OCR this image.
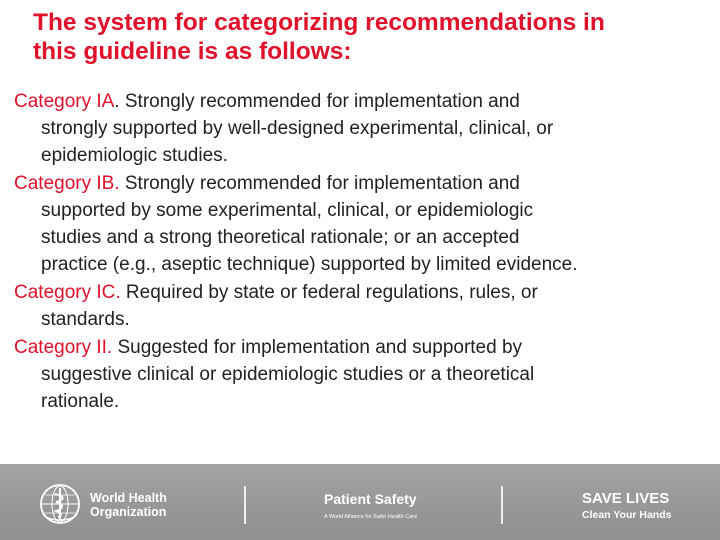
The system for categorizing recommendations in
this guideline is as follows:

Category IA. Strongly recommended for implementation and
strongly supported by well-designed experimental, clinical, or
epidemiologic studies.

Category IB. Strongly recommended for implementation and
supported by some experimental, clinical, or epidemiologic
studies and a strong theoretical rationale; or an accepted
practice (e.g., aseptic technique) supported by limited evidence.

Category IC. Required by state or federal regulations, rules, or
standards.

Category II. Suggested for implementation and supported by
suggestive clinical or epidemiologic studies or a theoretical
rationale.

World Health
Organization
Patient Safety
A World Alliance for Safer Health Care
SAVE LIVES
Clean Your Hands
